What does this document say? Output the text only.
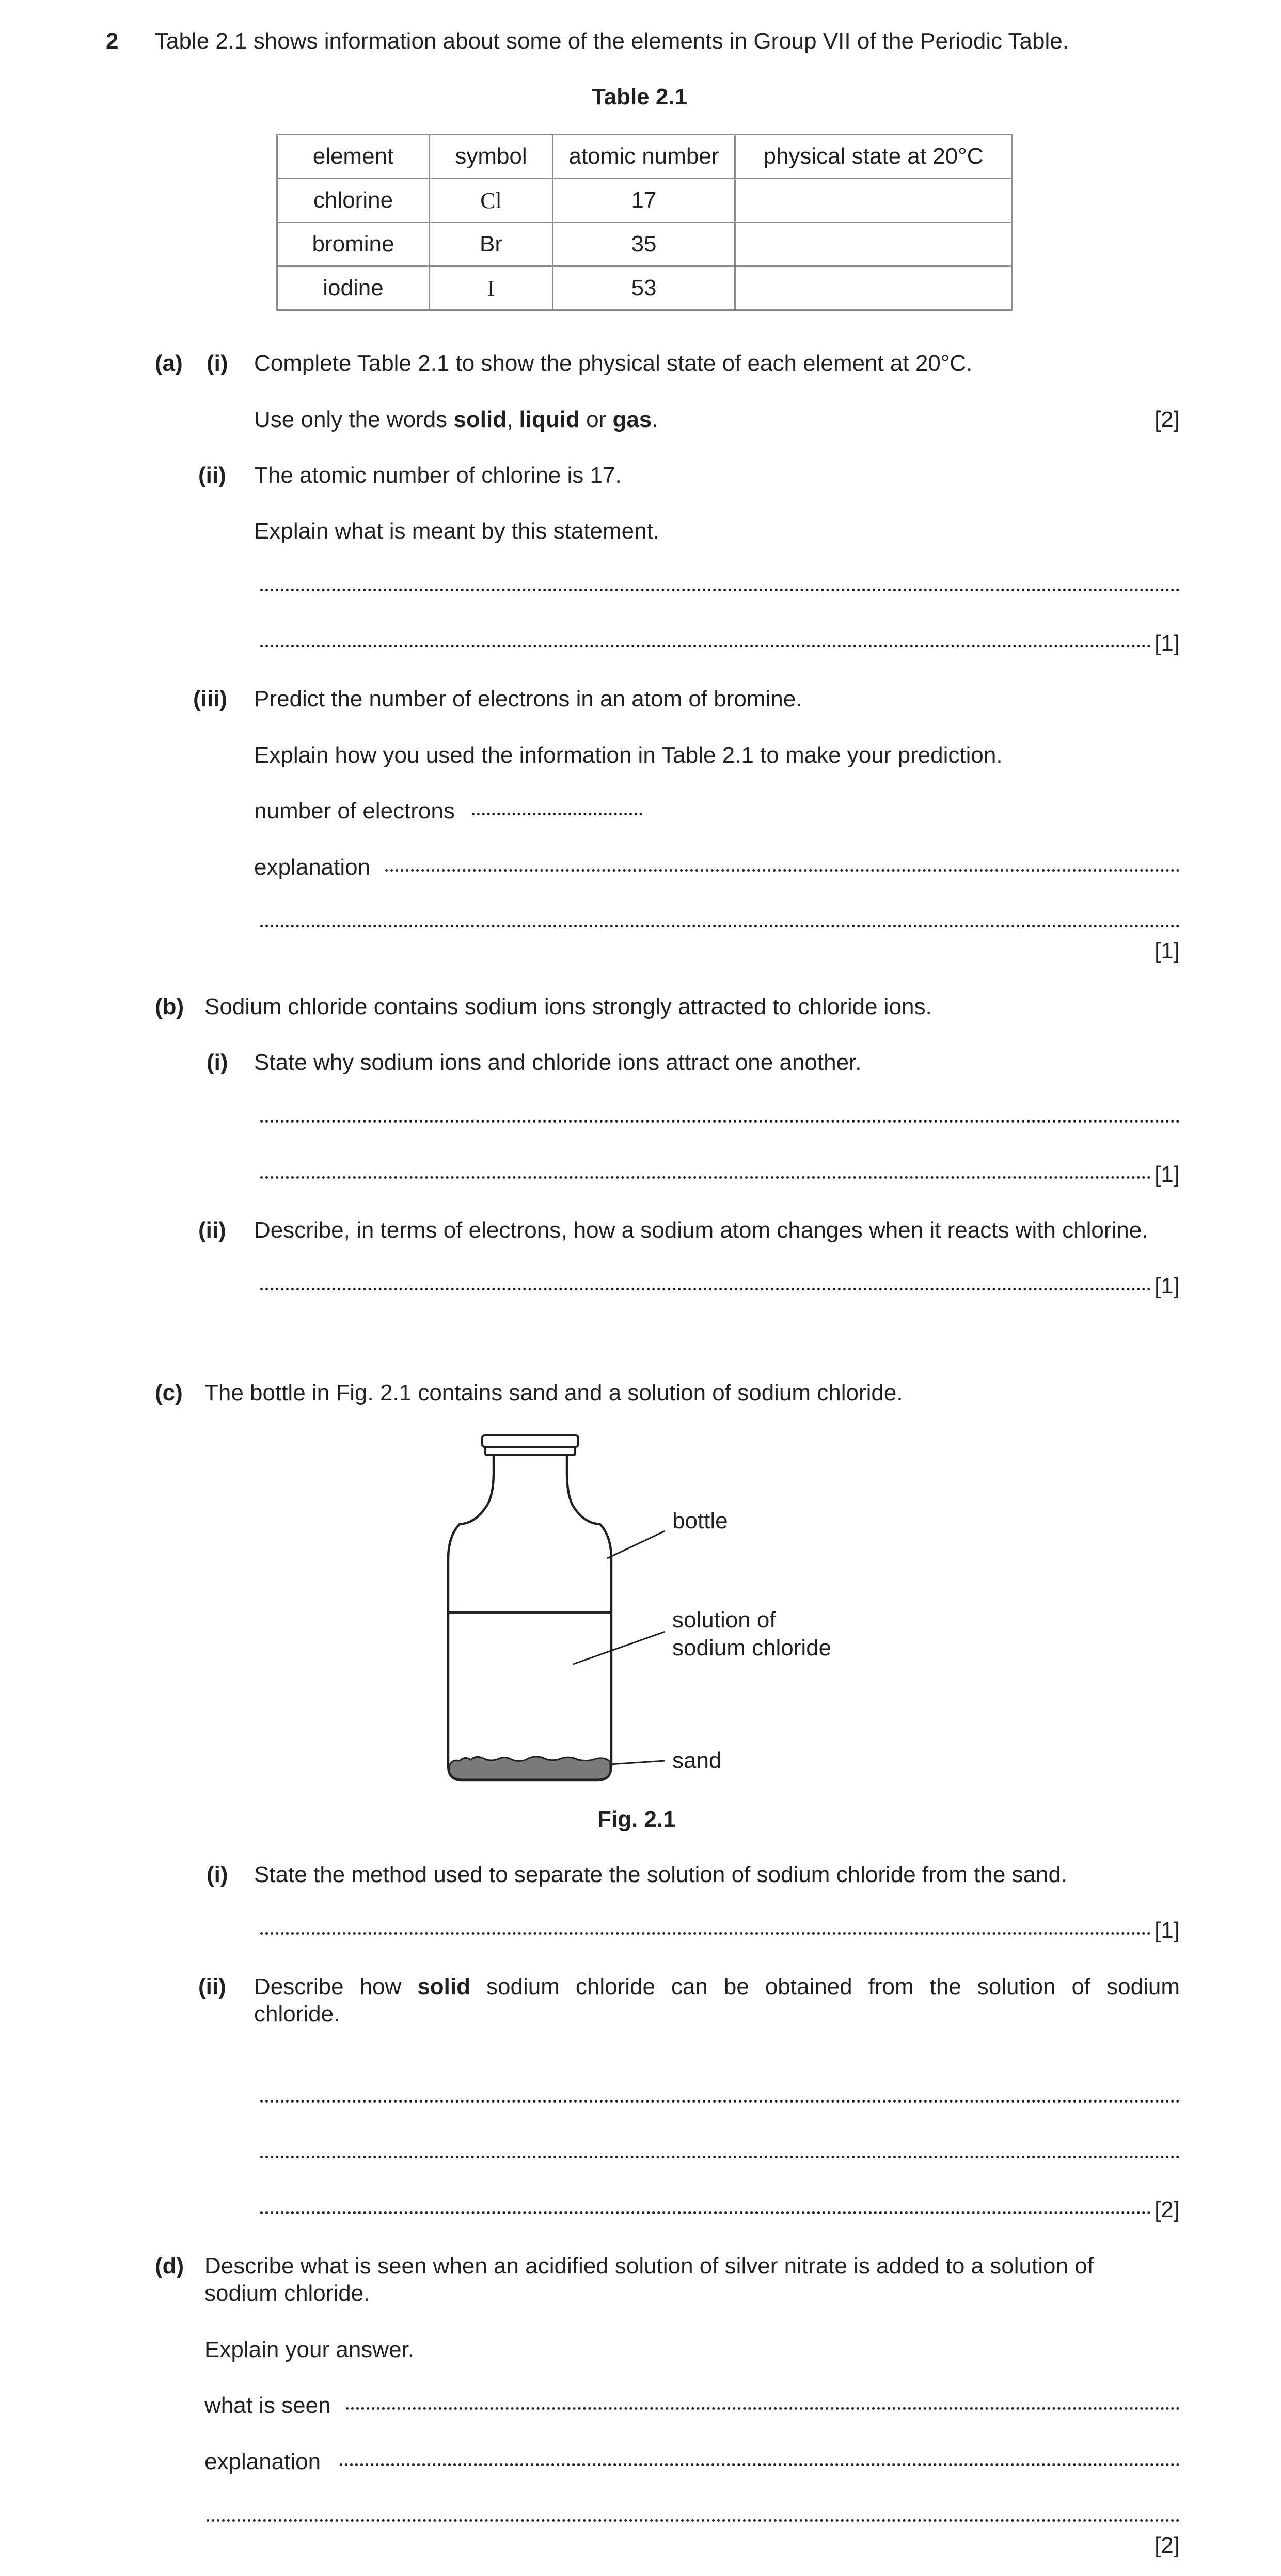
2 Table 2.1 shows information about some of the elements in Group VII of the Periodic Table.
Table 2.1
element	symbol	atomic number	physical state at 20°C
chlorine	Cl	17	
bromine	Br	35	
iodine	I	53	
(a) (i) Complete Table 2.1 to show the physical state of each element at 20°C.
Use only the words solid, liquid or gas.	[2]
(ii) The atomic number of chlorine is 17.
Explain what is meant by this statement.
[1]
(iii) Predict the number of electrons in an atom of bromine.
Explain how you used the information in Table 2.1 to make your prediction.
number of electrons
explanation
[1]
(b) Sodium chloride contains sodium ions strongly attracted to chloride ions.
(i) State why sodium ions and chloride ions attract one another.
[1]
(ii) Describe, in terms of electrons, how a sodium atom changes when it reacts with chlorine.
[1]
(c) The bottle in Fig. 2.1 contains sand and a solution of sodium chloride.
bottle
solution of
sodium chloride
sand
Fig. 2.1
(i) State the method used to separate the solution of sodium chloride from the sand.
[1]
(ii) Describe how solid sodium chloride can be obtained from the solution of sodium
chloride.
[2]
(d) Describe what is seen when an acidified solution of silver nitrate is added to a solution of
sodium chloride.
Explain your answer.
what is seen
explanation
[2]
